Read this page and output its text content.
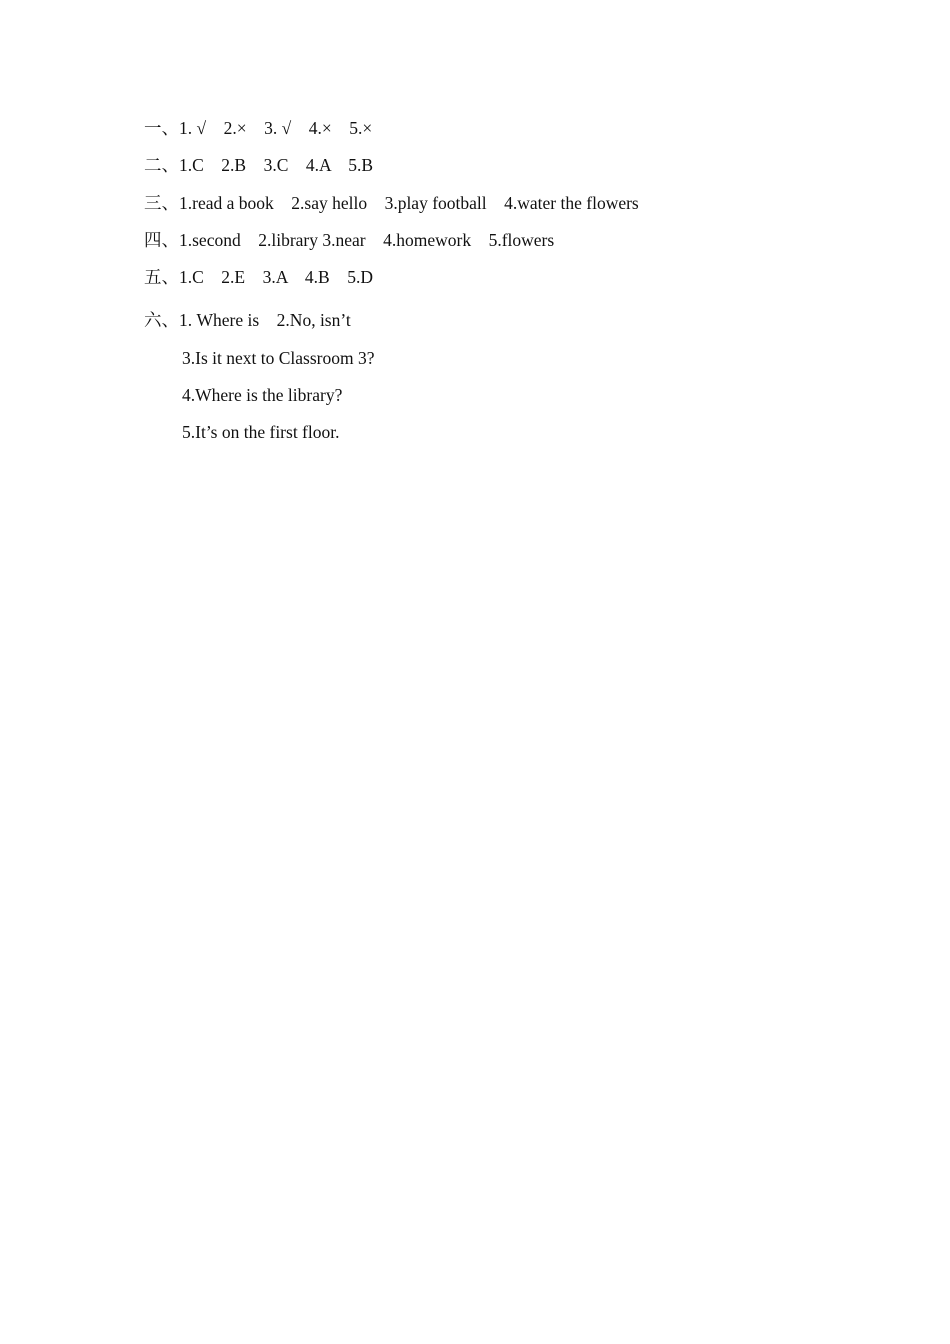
一、1. √    2.×    3. √    4.×    5.×
二、1.C    2.B    3.C    4.A    5.B
三、1.read a book    2.say hello    3.play football    4.water the flowers
四、1.second    2.library 3.near    4.homework    5.flowers
五、1.C    2.E    3.A    4.B    5.D
六、1. Where is    2.No, isn’t
3.Is it next to Classroom 3?
4.Where is the library?
5.It’s on the first floor.
